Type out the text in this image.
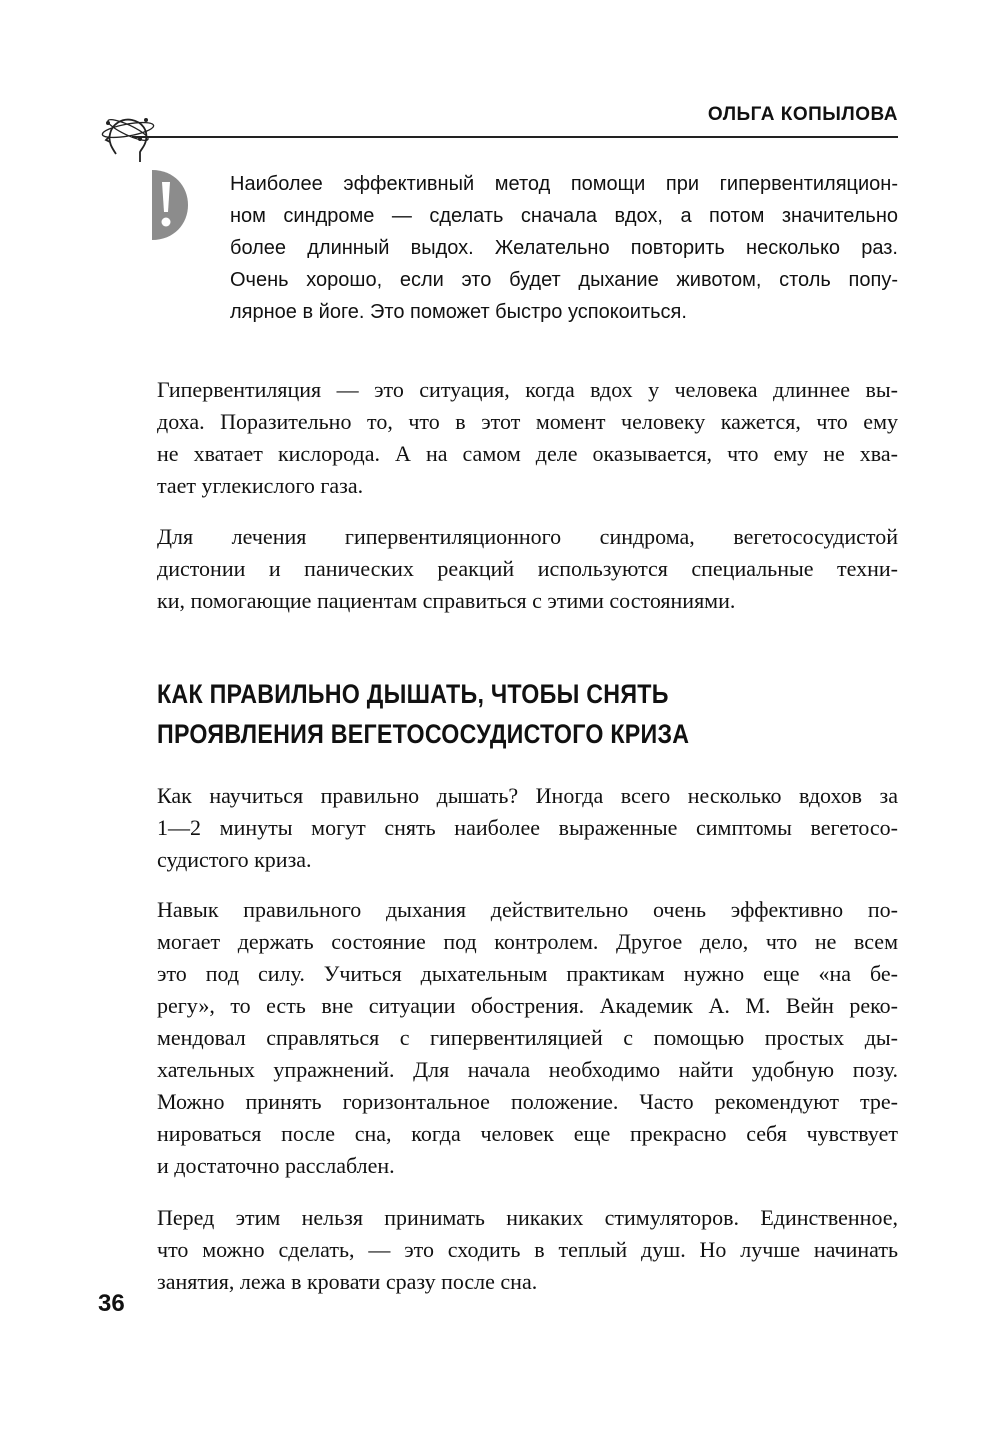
ОЛЬГА КОПЫЛОВА
Наиболее эффективный метод помощи при гипервентиляцион-
ном синдроме — сделать сначала вдох, а потом значительно
более длинный выдох. Желательно повторить несколько раз.
Очень хорошо, если это будет дыхание животом, столь попу-
лярное в йоге. Это поможет быстро успокоиться.
Гипервентиляция — это ситуация, когда вдох у человека длиннее вы-
доха. Поразительно то, что в этот момент человеку кажется, что ему
не хватает кислорода. А на самом деле оказывается, что ему не хва-
тает углекислого газа.
Для лечения гипервентиляционного синдрома, вегетососудистой
дистонии и панических реакций используются специальные техни-
ки, помогающие пациентам справиться с этими состояниями.
КАК ПРАВИЛЬНО ДЫШАТЬ, ЧТОБЫ СНЯТЬ
ПРОЯВЛЕНИЯ ВЕГЕТОСОСУДИСТОГО КРИЗА
Как научиться правильно дышать? Иногда всего несколько вдохов за
1—2 минуты могут снять наиболее выраженные симптомы вегетосо-
судистого криза.
Навык правильного дыхания действительно очень эффективно по-
могает держать состояние под контролем. Другое дело, что не всем
это под силу. Учиться дыхательным практикам нужно еще «на бе-
регу», то есть вне ситуации обострения. Академик А. М. Вейн реко-
мендовал справляться с гипервентиляцией с помощью простых ды-
хательных упражнений. Для начала необходимо найти удобную позу.
Можно принять горизонтальное положение. Часто рекомендуют тре-
нироваться после сна, когда человек еще прекрасно себя чувствует
и достаточно расслаблен.
Перед этим нельзя принимать никаких стимуляторов. Единственное,
что можно сделать, — это сходить в теплый душ. Но лучше начинать
занятия, лежа в кровати сразу после сна.
36
